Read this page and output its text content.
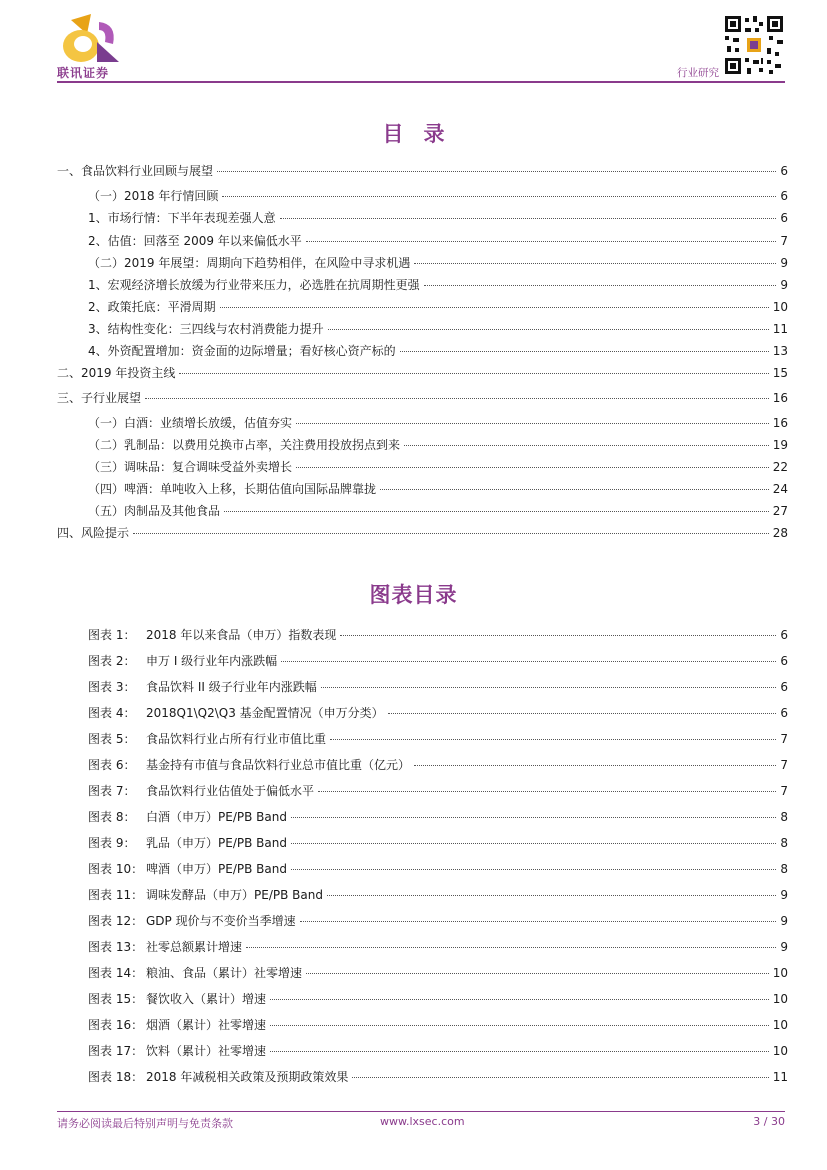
联讯证券	行业研究
目录
图表目录
一、食品饮料行业回顾与展望	6
（一）2018 年行情回顾	6
1、市场行情：下半年表现差强人意	6
2、估值：回落至 2009 年以来偏低水平	7
（二）2019 年展望：周期向下趋势相伴，在风险中寻求机遇	9
1、宏观经济增长放缓为行业带来压力，必选胜在抗周期性更强	9
2、政策托底：平滑周期	10
3、结构性变化：三四线与农村消费能力提升	11
4、外资配置增加：资金面的边际增量；看好核心资产标的	13
二、2019 年投资主线	15
三、子行业展望	16
（一）白酒：业绩增长放缓，估值夯实	16
（二）乳制品：以费用兑换市占率，关注费用投放拐点到来	19
（三）调味品：复合调味受益外卖增长	22
（四）啤酒：单吨收入上移，长期估值向国际品牌靠拢	24
（五）肉制品及其他食品	27
四、风险提示	28
图表 1： 2018 年以来食品（申万）指数表现	6
图表 2： 申万 I 级行业年内涨跌幅	6
图表 3： 食品饮料 II 级子行业年内涨跌幅	6
图表 4： 2018Q1\Q2\Q3 基金配置情况（申万分类）	6
图表 5： 食品饮料行业占所有行业市值比重	7
图表 6： 基金持有市值与食品饮料行业总市值比重（亿元）	7
图表 7： 食品饮料行业估值处于偏低水平	7
图表 8： 白酒（申万）PE/PB Band	8
图表 9： 乳品（申万）PE/PB Band	8
图表 10： 啤酒（申万）PE/PB Band	8
图表 11： 调味发酵品（申万）PE/PB Band	9
图表 12： GDP 现价与不变价当季增速	9
图表 13： 社零总额累计增速	9
图表 14： 粮油、食品（累计）社零增速	10
图表 15： 餐饮收入（累计）增速	10
图表 16： 烟酒（累计）社零增速	10
图表 17： 饮料（累计）社零增速	10
图表 18： 2018 年减税相关政策及预期政策效果	11
请务必阅读最后特别声明与免责条款	www.lxsec.com	3 / 30
